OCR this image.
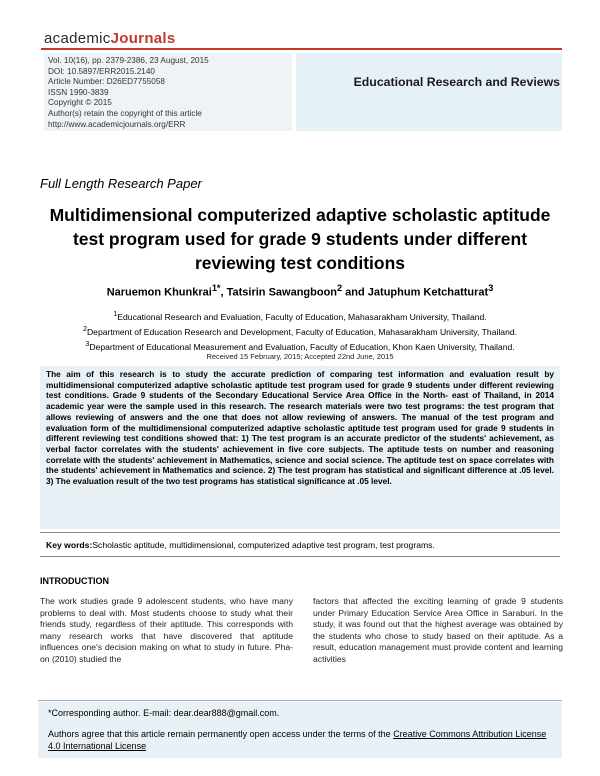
academicJournals
Vol. 10(16), pp. 2379-2386, 23 August, 2015
DOI: 10.5897/ERR2015.2140
Article Number: D26ED7755058
ISSN 1990-3839
Copyright © 2015
Author(s) retain the copyright of this article
http://www.academicjournals.org/ERR
Educational Research and Reviews
Full Length Research Paper
Multidimensional computerized adaptive scholastic aptitude test program used for grade 9 students under different reviewing test conditions
Naruemon Khunkrai$^{1*}$, Tatsirin Sawangboon$^2$ and Jatuphum Ketchatturat$^3$
$^1$Educational Research and Evaluation, Faculty of Education, Mahasarakham University, Thailand.
$^2$Department of Education Research and Development, Faculty of Education, Mahasarakham University, Thailand.
$^3$Department of Educational Measurement and Evaluation, Faculty of Education, Khon Kaen University, Thailand.
Received 15 February, 2015; Accepted 22nd June, 2015
The aim of this research is to study the accurate prediction of comparing test information and evaluation result by multidimensional computerized adaptive scholastic aptitude test program used for grade 9 students under different reviewing test conditions. Grade 9 students of the Secondary Educational Service Area Office in the North- east of Thailand, in 2014 academic year were the sample used in this research. The research materials were two test programs: the test program that allows reviewing of answers and the one that does not allow reviewing of answers. The manual of the test program and evaluation form of the multidimensional computerized adaptive scholastic aptitude test program used for grade 9 students in different reviewing test conditions showed that: 1) The test program is an accurate predictor of the students' achievement, as verbal factor correlates with the students' achievement in five core subjects. The aptitude tests on number and reasoning correlate with the students' achievement in Mathematics, science and social science. The aptitude test on space correlates with the students' achievement in Mathematics and science. 2) The test program has statistical and significant difference at .05 level. 3) The evaluation result of the two test programs has statistical significance at .05 level.
Key words:Scholastic aptitude, multidimensional, computerized adaptive test program, test programs.
INTRODUCTION
The work studies grade 9 adolescent students, who have many problems to deal with. Most students choose to study what their friends study, regardless of their aptitude. This corresponds with many research works that have discovered that aptitude influences one's decision making on what to study in future. Pha-on (2010) studied the
factors that affected the exciting learning of grade 9 students under Primary Education Service Area Office in Saraburi. In the study, it was found out that the highest average was obtained by the students who chose to study based on their aptitude. As a result, education management must provide content and learning activities
*Corresponding author. E-mail: dear.dear888@gmail.com.
Authors agree that this article remain permanently open access under the terms of the Creative Commons Attribution License 4.0 International License
